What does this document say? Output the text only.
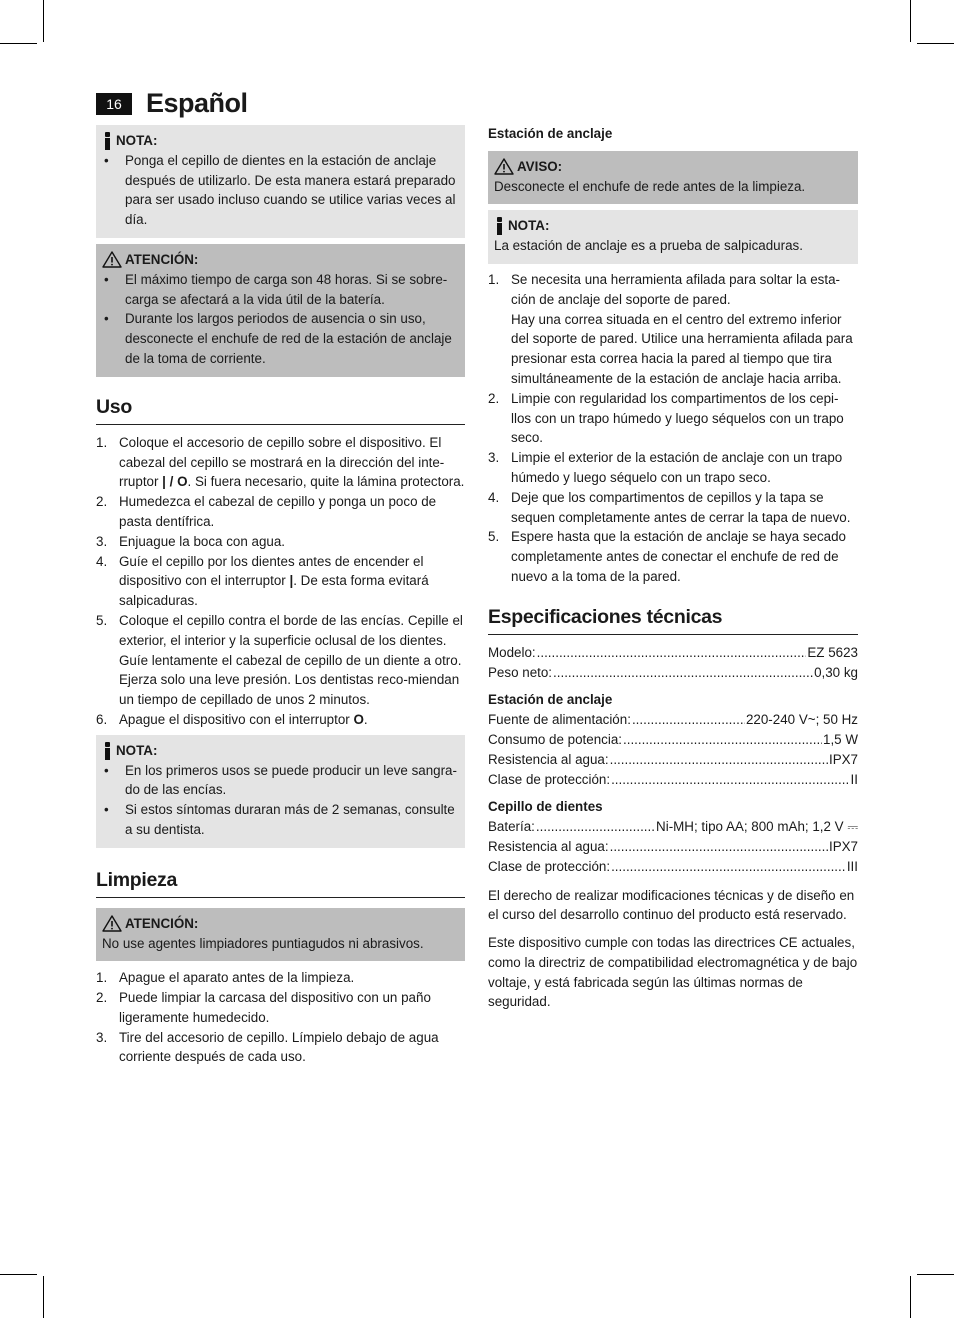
16 Español
NOTA:
• Ponga el cepillo de dientes en la estación de anclaje después de utilizarlo. De esta manera estará preparado para ser usado incluso cuando se utilice varias veces al día.
ATENCIÓN:
• El máximo tiempo de carga son 48 horas. Si se sobre-carga se afectará a la vida útil de la batería.
• Durante los largos periodos de ausencia o sin uso, desconecte el enchufe de red de la estación de anclaje de la toma de corriente.
Uso
1. Coloque el accesorio de cepillo sobre el dispositivo. El cabezal del cepillo se mostrará en la dirección del inte-rruptor | / O. Si fuera necesario, quite la lámina protectora.
2. Humedezca el cabezal de cepillo y ponga un poco de pasta dentífrica.
3. Enjuague la boca con agua.
4. Guíe el cepillo por los dientes antes de encender el dispositivo con el interruptor |. De esta forma evitará salpicaduras.
5. Coloque el cepillo contra el borde de las encías. Cepille el exterior, el interior y la superficie oclusal de los dientes. Guíe lentamente el cabezal de cepillo de un diente a otro. Ejerza solo una leve presión. Los dentistas reco-miendan un tiempo de cepillado de unos 2 minutos.
6. Apague el dispositivo con el interruptor O.
NOTA:
• En los primeros usos se puede producir un leve sangra-do de las encías.
• Si estos síntomas duraran más de 2 semanas, consulte a su dentista.
Limpieza
ATENCIÓN:
No use agentes limpiadores puntiagudos ni abrasivos.
1. Apague el aparato antes de la limpieza.
2. Puede limpiar la carcasa del dispositivo con un paño ligeramente humedecido.
3. Tire del accesorio de cepillo. Límpielo debajo de agua corriente después de cada uso.
Estación de anclaje
AVISO:
Desconecte el enchufe de rede antes de la limpieza.
NOTA:
La estación de anclaje es a prueba de salpicaduras.
1. Se necesita una herramienta afilada para soltar la esta-ción de anclaje del soporte de pared.
Hay una correa situada en el centro del extremo inferior del soporte de pared. Utilice una herramienta afilada para presionar esta correa hacia la pared al tiempo que tira simultáneamente de la estación de anclaje hacia arriba.
2. Limpie con regularidad los compartimentos de los cepi-llos con un trapo húmedo y luego séquelos con un trapo seco.
3. Limpie el exterior de la estación de anclaje con un trapo húmedo y luego séquelo con un trapo seco.
4. Deje que los compartimentos de cepillos y la tapa se sequen completamente antes de cerrar la tapa de nuevo.
5. Espere hasta que la estación de anclaje se haya secado completamente antes de conectar el enchufe de red de nuevo a la toma de la pared.
Especificaciones técnicas
Modelo: .....	EZ 5623
Peso neto: .....	0,30 kg
Estación de anclaje
Fuente de alimentación: .....	220-240 V~; 50 Hz
Consumo de potencia: .....	1,5 W
Resistencia al agua: .....	IPX7
Clase de protección: .....	II
Cepillo de dientes
Batería: .....	Ni-MH; tipo AA; 800 mAh; 1,2 V ⎓
Resistencia al agua: .....	IPX7
Clase de protección: .....	III
El derecho de realizar modificaciones técnicas y de diseño en el curso del desarrollo continuo del producto está reservado.
Este dispositivo cumple con todas las directrices CE actuales, como la directriz de compatibilidad electromagnética y de bajo voltaje, y está fabricada según las últimas normas de seguridad.
